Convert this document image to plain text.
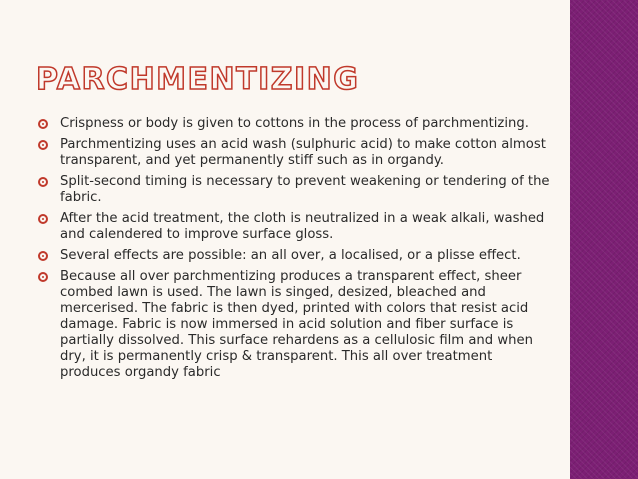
PARCHMENTIZING
Crispness or body is given to cottons in the process of parchmentizing.
Parchmentizing uses an acid wash (sulphuric acid) to make cotton almost transparent, and yet permanently stiff such as in organdy.
Split-second timing is necessary to prevent weakening or tendering of the fabric.
After the acid treatment, the cloth is neutralized in a weak alkali, washed and calendered to improve surface gloss.
Several effects are possible: an all over, a localised, or a plisse effect.
Because all over parchmentizing produces a transparent effect, sheer combed lawn is used. The lawn is singed, desized, bleached and mercerised. The fabric is then dyed, printed with colors that resist acid damage. Fabric is now immersed in acid solution and fiber surface is partially dissolved. This surface rehardens as a cellulosic film and when dry, it is permanently crisp & transparent. This all over treatment produces organdy fabric
